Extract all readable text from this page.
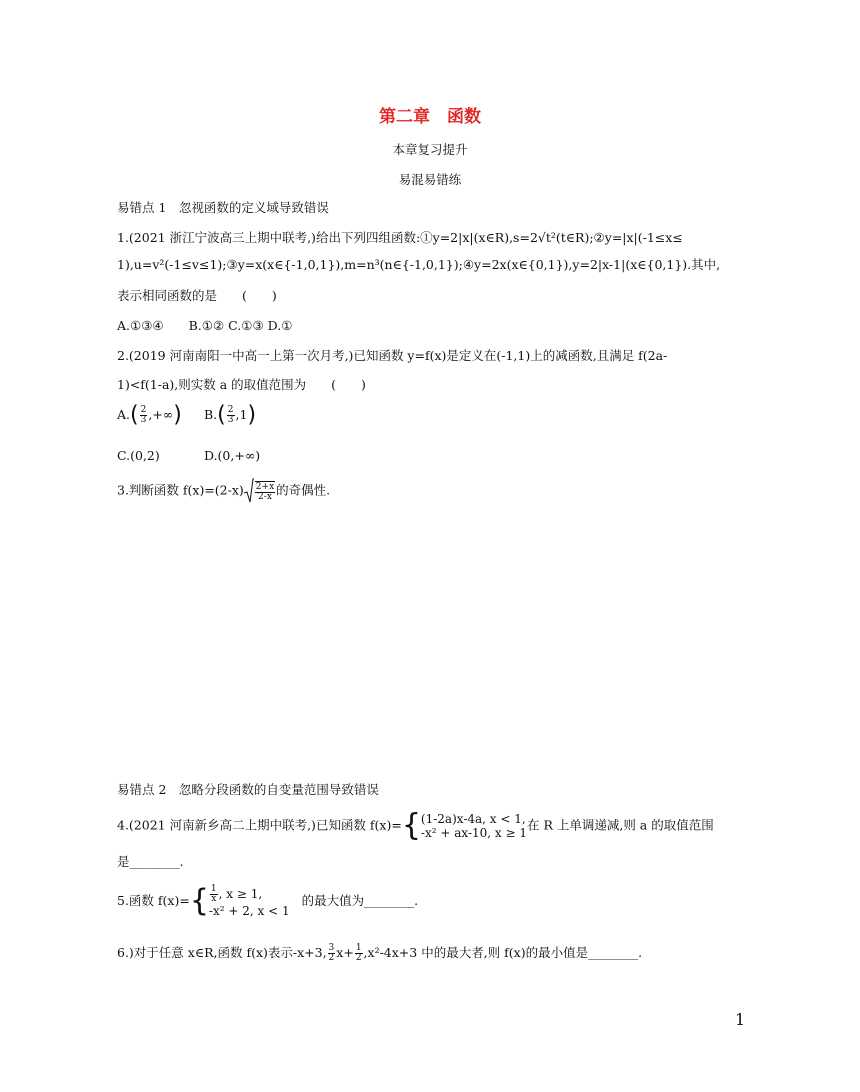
第二章　函数
本章复习提升
易混易错练
易错点 1　忽视函数的定义域导致错误
1.(2021 浙江宁波高三上期中联考,)给出下列四组函数:①y=2|x|(x∈R),s=2√t²(t∈R);②y=|x|(-1≤x≤
1),u=v²(-1≤v≤1);③y=x(x∈{-1,0,1}),m=n³(n∈{-1,0,1});④y=2x(x∈{0,1}),y=2|x-1|(x∈{0,1}).其中,
表示相同函数的是　　(　　)
A.①③④　　B.①② C.①③ D.①
2.(2019 河南南阳一中高一上第一次月考,)已知函数 y=f(x)是定义在(-1,1)上的减函数,且满足 f(2a-
1)<f(1-a),则实数 a 的取值范围为　　(　　)
$A.( \frac{2}{3}$ ,+∞) $B.( \frac{2}{3} ,1)$
C.(0,2)	D.(0,+∞)
3.判断函数 $f(x)=(2-x) \frac{2+x}{2-x}$ 的奇偶性.
易错点 2　忽略分段函数的自变量范围导致错误
4.(2021 河南新乡高二上期中联考,)已知函数 f(x)={ (1-2a)x-4a, x < 1,
-x² + ax-10, x ≥ 1
在 R 上单调递减,则 a 的取值范围
是________.
5.函数 $f(x)=\{ \frac{1}{x}$ , x ≥ 1,
-x² + 2, x < 1
的最大值为________.
6.)对于任意 x∈R,函数 f(x)表示-x+3, $\frac{3}{2} x+ \frac{1}{2} ,x^2-4x+3$ 中的最大者,则 f(x)的最小值是________.
1
